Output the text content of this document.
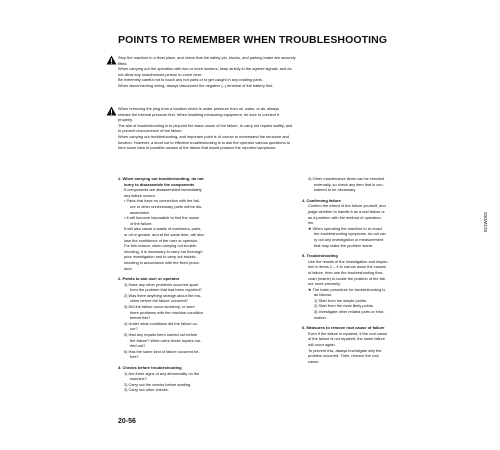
POINTS TO REMEMBER WHEN TROUBLESHOOTING

Stop the machine in a level place, and check that the safety pin, blocks, and parking brake are securely

fitted.

When carrying out the operation with two or more workers, keep strictly to the agreed signals, and do

not allow any unauthorized person to come near.

Be extremely careful not to touch any hot parts or to get caught in any rotating parts.

When disconnecting wiring, always disconnect the negative (–) terminal of the battery first.

When removing the plug from a location which is under pressure from oil, water, or air, always

release the internal pressure first. When installing measuring equipment, be sure to connect it

properly.

The aim of troubleshooting is to pinpoint the basic cause of the failure, to carry out repairs swiftly, and

to prevent reoccurrence of the failure.

When carrying out troubleshooting, and important point is of course to understand the structure and

function. However, a short cut to effective troubleshooting is to ask the operator various questions to

form some idea of possible causes of the failure that would produce the reported symptoms.

1. When carrying out troubleshooting, do not

hurry to disassemble the components

If components are disassembled immediately

any failure occurs:

• Parts that have no connection with the fail-

ure or other unnecessary parts will be dis-

assembled

• It will become impossible to find the cause

of the failure.

It will also cause a waste of manhours, parts,

or oil or grease, and at the same time, will also

lose the confidence of the user or operator.

For this reason, when carrying out trouble-

shooting, it is necessary to carry out thorough

prior investigation and to carry out trouble-

shooting in accordance with the fixed proce-

dure.

2. Points to ask user or operator

1) Have any other problems occurred apart

from the problem that has been reported?

2) Was there anything strange about the ma-

chine before the failure occurred?

3) Did the failure occur suddenly, or were

there problems with the machine condition

before this?

4) Under what conditions did the failure oc-

cur?

5) Had any repairs been carried out before

the failure? When were these repairs car-

ried out?

6) Has the same kind of failure occurred be-

fore?

3. Checks before troubleshooting

1) Are there signs of any abnormality on the

machine?

2) Carry out the checks before starting.

3) Carry out other checks.

4) Other maintenance items can be checked

externally, so check any item that is con-

sidered to be necessary.

4. Confirming failure

Confirm the extent of the failure yourself, and

judge whether to handle it as a real failure or

as a problem with the method of operation,

etc.

★ When operating the machine to re-enact

the troubleshooting symptoms, do not car-

ry out any investigation or measurement

that may make the problem worse.

5. Troubleshooting

Use the results of the investigation and inspec-

tion in items 2 – 4 to narrow down the causes

of failure, then use the troubleshooting flow-

chart (matrix) to locate the position of the fail-

ure more precisely.

★ The basic procedure for troubleshooting is

as follows.

1) Start from the simple points.

2) Start from the most likely points.

3) Investigate other related parts or infor-

mation.

6. Measures to remove root cause of failure

Even if the failure is repaired, if the root cause

of the failure is not repaired, the same failure

will occur again.

To prevent this, always investigate why the

problem occurred. Then, remove the root

cause.

20-56
021WD02
